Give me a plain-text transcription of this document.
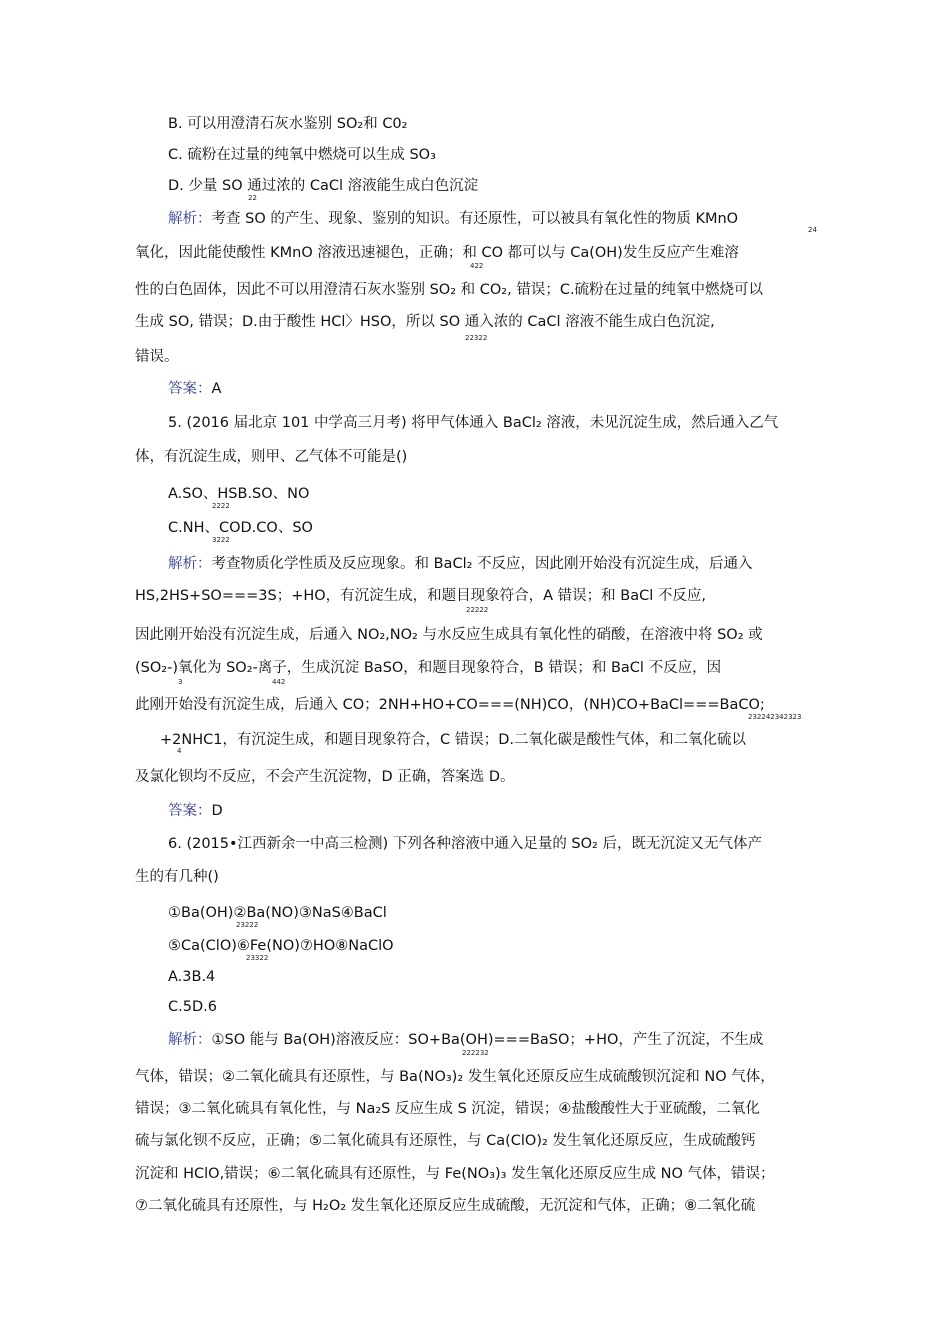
B. 可以用澄清石灰水鉴别 SO₂和 C0₂
C. 硫粉在过量的纯氧中燃烧可以生成 SO₃
D. 少量 SO 通过浓的 CaCl 溶液能生成白色沉淀
22
解析：考查 SO 的产生、现象、鉴别的知识。有还原性，可以被具有氧化性的物质 KMnO
24
氧化，因此能使酸性 KMnO 溶液迅速褪色，正确；和 CO 都可以与 Ca(OH)发生反应产生难溶
422
性的白色固体，因此不可以用澄清石灰水鉴别 SO₂ 和 CO₂, 错误；C.硫粉在过量的纯氧中燃烧可以
生成 SO, 错误；D.由于酸性 HCl〉HSO，所以 SO 通入浓的 CaCl 溶液不能生成白色沉淀,
22322
错误。
答案：A
5. (2016 届北京 101 中学高三月考) 将甲气体通入 BaCl₂ 溶液，未见沉淀生成，然后通入乙气
体，有沉淀生成，则甲、乙气体不可能是()
A.SO、HSB.SO、NO
2222
C.NH、COD.CO、SO
3222
解析：考查物质化学性质及反应现象。和 BaCl₂ 不反应，因此刚开始没有沉淀生成，后通入
HS,2HS+SO===3S；+HO，有沉淀生成，和题目现象符合，A 错误；和 BaCl 不反应,
22222
因此刚开始没有沉淀生成，后通入 NO₂,NO₂ 与水反应生成具有氧化性的硝酸，在溶液中将 SO₂ 或
(SO₂-)氧化为 SO₂-离子，生成沉淀 BaSO，和题目现象符合，B 错误；和 BaCl 不反应，因
3	442
此刚开始没有沉淀生成，后通入 CO；2NH+HO+CO===(NH)CO，(NH)CO+BaCl===BaCO;
232242342323
+2NHC1，有沉淀生成，和题目现象符合，C 错误；D.二氧化碳是酸性气体，和二氧化硫以
4
及氯化钡均不反应，不会产生沉淀物，D 正确，答案选 D。
答案：D
6. (2015•江西新余一中高三检测) 下列各种溶液中通入足量的 SO₂ 后，既无沉淀又无气体产
生的有几种()
①Ba(OH)②Ba(NO)③NaS④BaCl
23222
⑤Ca(ClO)⑥Fe(NO)⑦HO⑧NaClO
23322
A.3B.4
C.5D.6
解析：①SO 能与 Ba(OH)溶液反应：SO+Ba(OH)===BaSO；+HO，产生了沉淀，不生成
222232
气体，错误；②二氧化硫具有还原性，与 Ba(NO₃)₂ 发生氧化还原反应生成硫酸钡沉淀和 NO 气体，
错误；③二氧化硫具有氧化性，与 Na₂S 反应生成 S 沉淀，错误；④盐酸酸性大于亚硫酸，二氧化
硫与氯化钡不反应，正确；⑤二氧化硫具有还原性，与 Ca(ClO)₂ 发生氧化还原反应，生成硫酸钙
沉淀和 HClO,错误；⑥二氧化硫具有还原性，与 Fe(NO₃)₃ 发生氧化还原反应生成 NO 气体，错误；
⑦二氧化硫具有还原性，与 H₂O₂ 发生氧化还原反应生成硫酸，无沉淀和气体，正确；⑧二氧化硫
